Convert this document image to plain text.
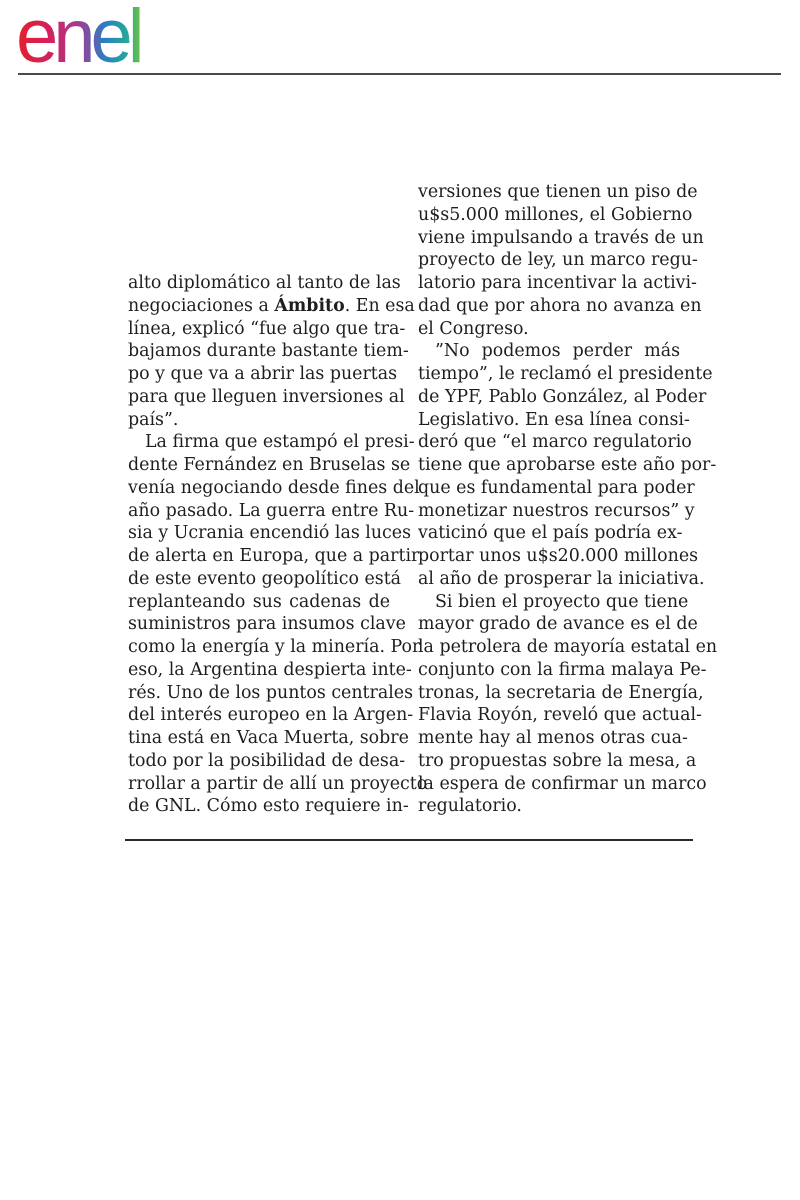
enel
alto diplomático al tanto de las
negociaciones a Ámbito. En esa
línea, explicó “fue algo que tra-
bajamos durante bastante tiem-
po y que va a abrir las puertas
para que lleguen inversiones al
país”.
La firma que estampó el presi-
dente Fernández en Bruselas se
venía negociando desde fines del
año pasado. La guerra entre Ru-
sia y Ucrania encendió las luces
de alerta en Europa, que a partir
de este evento geopolítico está
replanteando sus cadenas de
suministros para insumos clave
como la energía y la minería. Por
eso, la Argentina despierta inte-
rés. Uno de los puntos centrales
del interés europeo en la Argen-
tina está en Vaca Muerta, sobre
todo por la posibilidad de desa-
rrollar a partir de allí un proyecto
de GNL. Cómo esto requiere in-
versiones que tienen un piso de
u$s5.000 millones, el Gobierno
viene impulsando a través de un
proyecto de ley, un marco regu-
latorio para incentivar la activi-
dad que por ahora no avanza en
el Congreso.
”No podemos perder más
tiempo”, le reclamó el presidente
de YPF, Pablo González, al Poder
Legislativo. En esa línea consi-
deró que “el marco regulatorio
tiene que aprobarse este año por-
que es fundamental para poder
monetizar nuestros recursos” y
vaticinó que el país podría ex-
portar unos u$s20.000 millones
al año de prosperar la iniciativa.
Si bien el proyecto que tiene
mayor grado de avance es el de
la petrolera de mayoría estatal en
conjunto con la firma malaya Pe-
tronas, la secretaria de Energía,
Flavia Royón, reveló que actual-
mente hay al menos otras cua-
tro propuestas sobre la mesa, a
la espera de confirmar un marco
regulatorio.
